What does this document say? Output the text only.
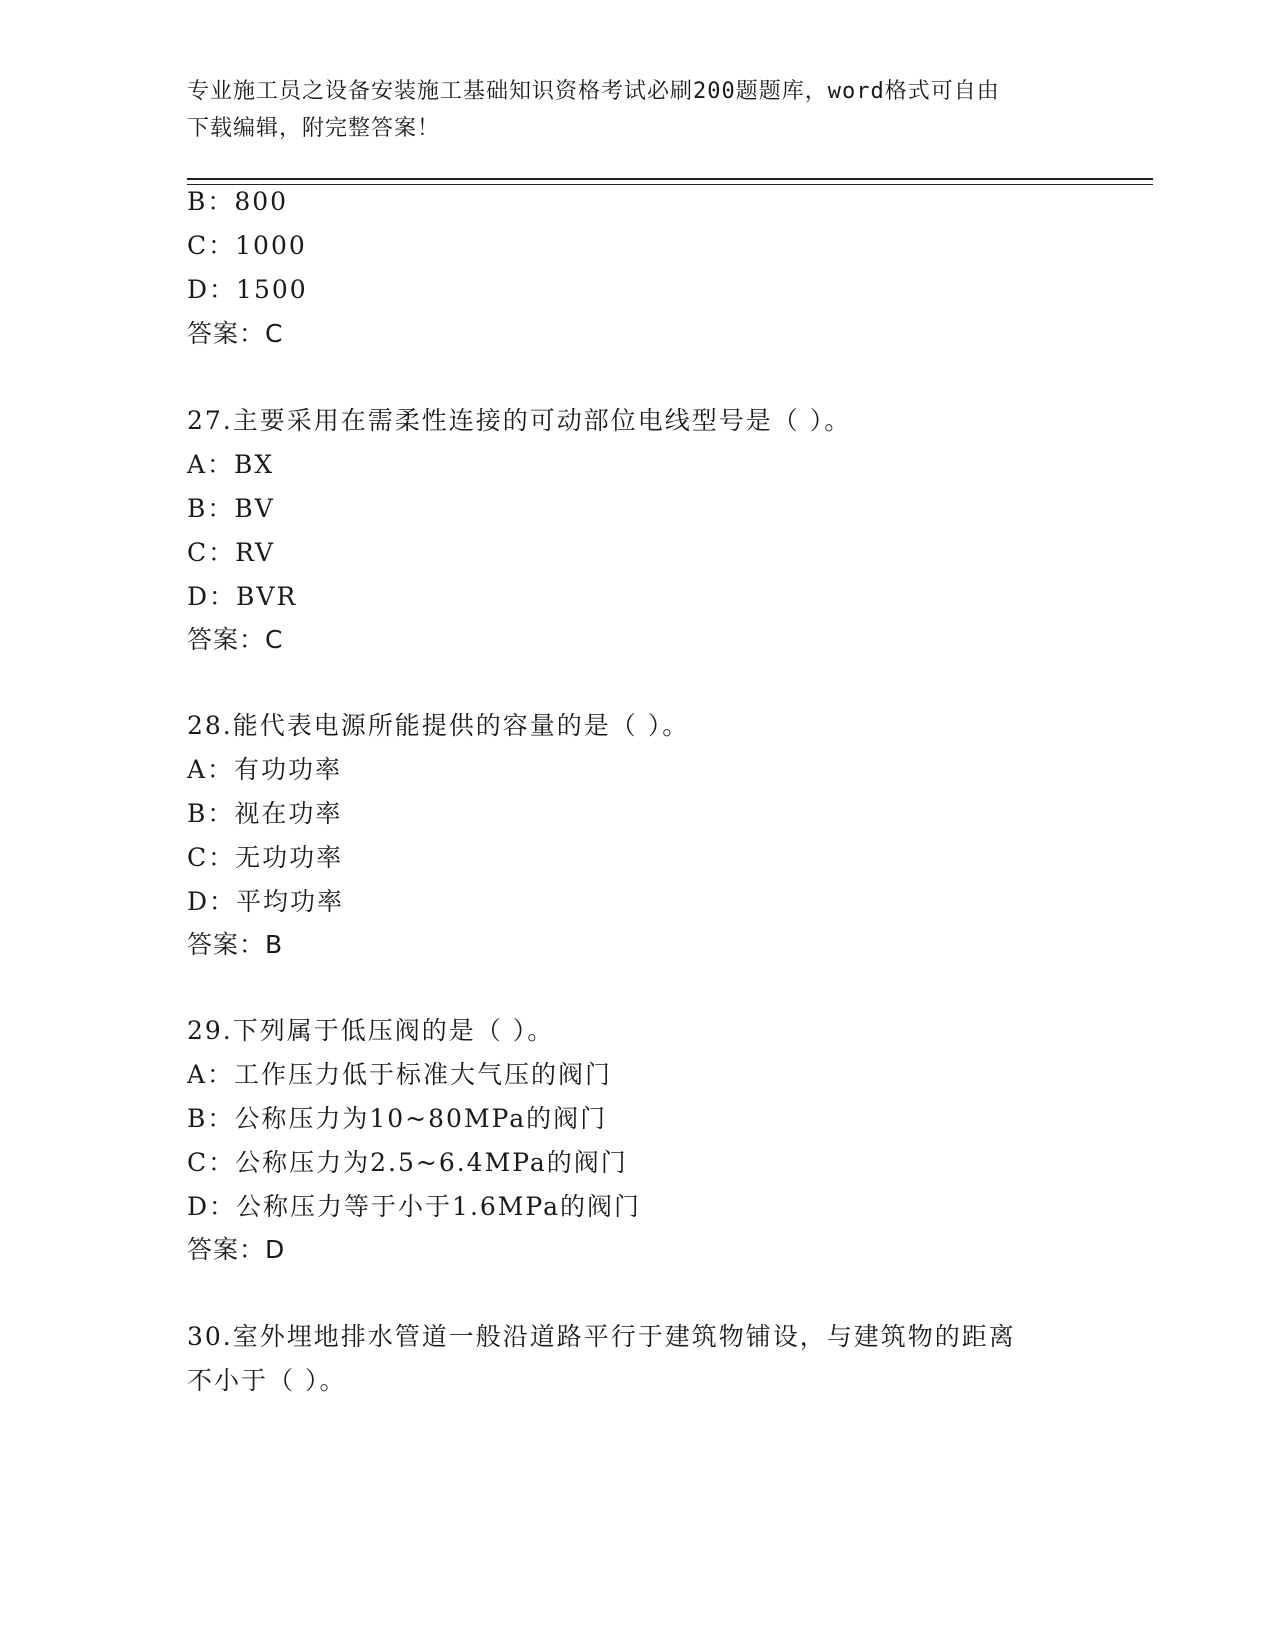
专业施工员之设备安装施工基础知识资格考试必刷200题题库，word格式可自由
下载编辑，附完整答案！
B：800
C：1000
D：1500
答案：C
27.主要采用在需柔性连接的可动部位电线型号是（ ）。
A：BX
B：BV
C：RV
D：BVR
答案：C
28.能代表电源所能提供的容量的是（ ）。
A：有功功率
B：视在功率
C：无功功率
D：平均功率
答案：B
29.下列属于低压阀的是（ ）。
A：工作压力低于标准大气压的阀门
B：公称压力为10~80MPa的阀门
C：公称压力为2.5~6.4MPa的阀门
D：公称压力等于小于1.6MPa的阀门
答案：D
30.室外埋地排水管道一般沿道路平行于建筑物铺设，与建筑物的距离
不小于（ ）。
